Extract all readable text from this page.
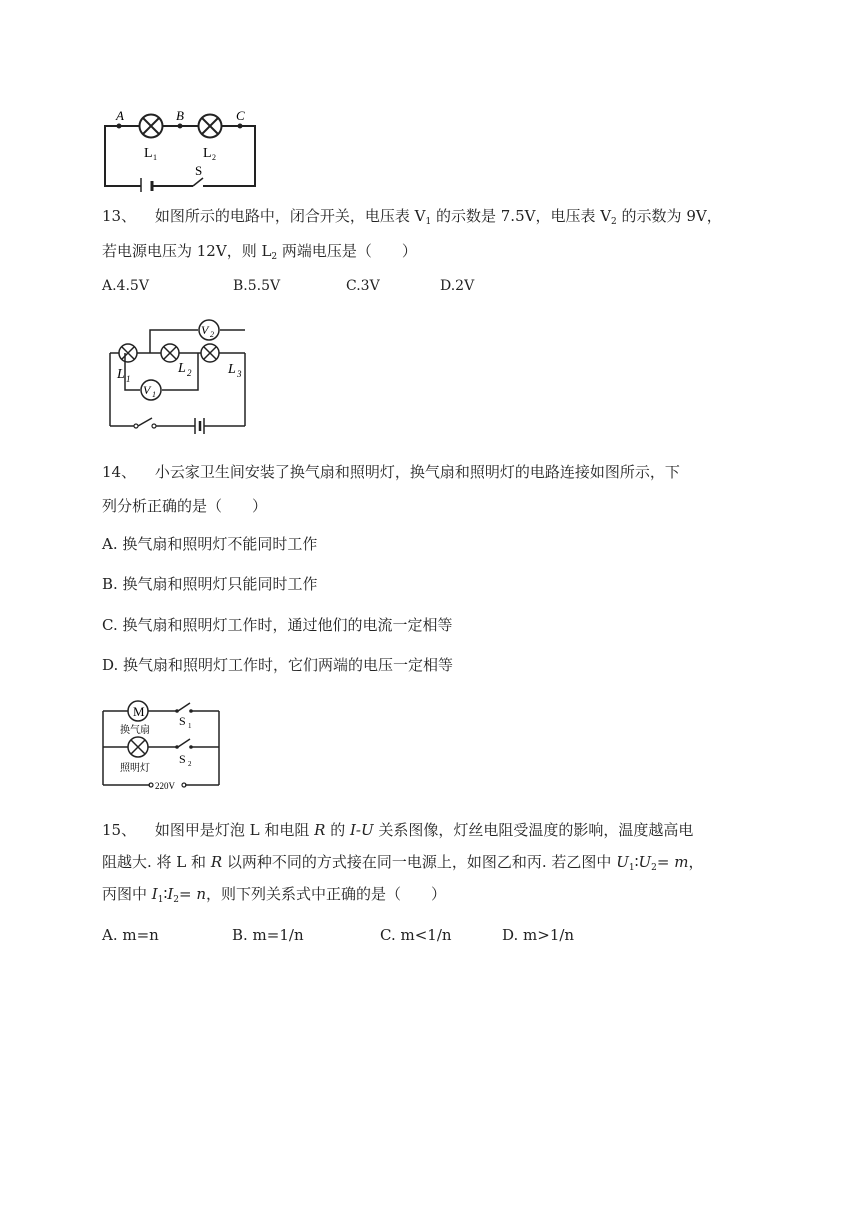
A	B	C
L 1	L 2
S
13、 如图所示的电路中，闭合开关，电压表 $V_1$ 的示数是 7.5V，电压表 $V_2$ 的示数为 9V，
若电源电压为 12V，则 $L_2$ 两端电压是（　　）
A.4.5V	B.5.5V	C.3V	D.2V
V 2
V 1
L 1
L 2	L 3
14、 小云家卫生间安装了换气扇和照明灯，换气扇和照明灯的电路连接如图所示，下
列分析正确的是（　　）
A. 换气扇和照明灯不能同时工作
B. 换气扇和照明灯只能同时工作
C. 换气扇和照明灯工作时，通过他们的电流一定相等
D. 换气扇和照明灯工作时，它们两端的电压一定相等
M
换气扇
照明灯
S 1
S 2
220V
15、 如图甲是灯泡 L 和电阻 R 的 I-U 关系图像，灯丝电阻受温度的影响，温度越高电
阻越大. 将 L 和 R 以两种不同的方式接在同一电源上，如图乙和丙. 若乙图中 $U_1∶U_2= m$，
丙图中 $I_1∶I_2= n$，则下列关系式中正确的是（　　）
A. m=n	B. m=1/n	C. m<1/n	D. m>1/n
